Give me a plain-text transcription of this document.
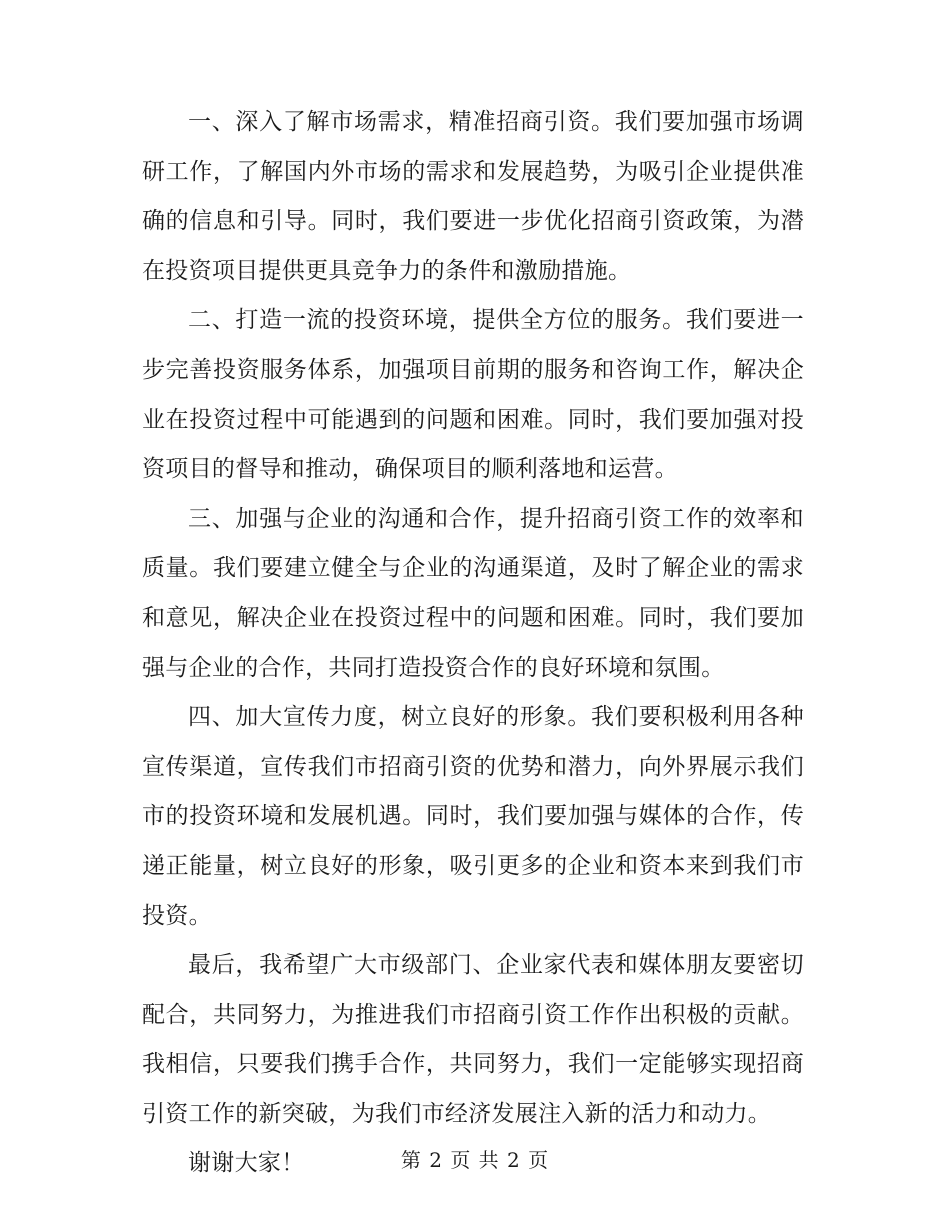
一、深入了解市场需求，精准招商引资。我们要加强市场调研工作，了解国内外市场的需求和发展趋势，为吸引企业提供准确的信息和引导。同时，我们要进一步优化招商引资政策，为潜在投资项目提供更具竞争力的条件和激励措施。

二、打造一流的投资环境，提供全方位的服务。我们要进一步完善投资服务体系，加强项目前期的服务和咨询工作，解决企业在投资过程中可能遇到的问题和困难。同时，我们要加强对投资项目的督导和推动，确保项目的顺利落地和运营。

三、加强与企业的沟通和合作，提升招商引资工作的效率和质量。我们要建立健全与企业的沟通渠道，及时了解企业的需求和意见，解决企业在投资过程中的问题和困难。同时，我们要加强与企业的合作，共同打造投资合作的良好环境和氛围。

四、加大宣传力度，树立良好的形象。我们要积极利用各种宣传渠道，宣传我们市招商引资的优势和潜力，向外界展示我们市的投资环境和发展机遇。同时，我们要加强与媒体的合作，传递正能量，树立良好的形象，吸引更多的企业和资本来到我们市投资。

最后，我希望广大市级部门、企业家代表和媒体朋友要密切配合，共同努力，为推进我们市招商引资工作作出积极的贡献。我相信，只要我们携手合作，共同努力，我们一定能够实现招商引资工作的新突破，为我们市经济发展注入新的活力和动力。

谢谢大家！	第 2 页 共 2 页
